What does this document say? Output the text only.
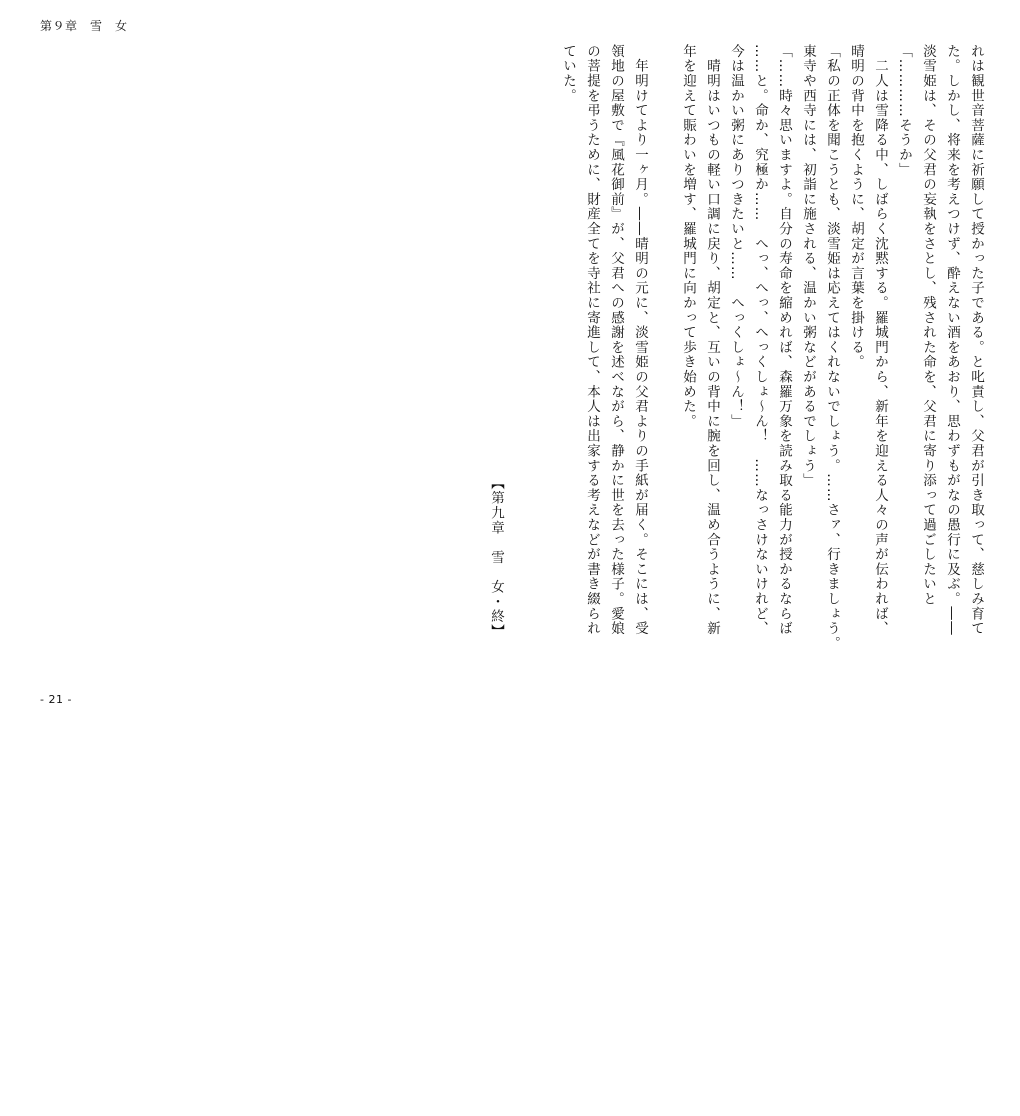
第９章　雪　女
れは観世音菩薩に祈願して授かった子である。と叱責し、父君が引き取って、慈しみ育て
た。しかし、将来を考えつけず、酔えない酒をあおり、思わずもがなの愚行に及ぶ。――
淡雪姫は、その父君の妄執をさとし、残された命を、父君に寄り添って過ごしたいと
「…………そうか」
　二人は雪降る中、しばらく沈黙する。羅城門から、新年を迎える人々の声が伝われば、
晴明の背中を抱くように、胡定が言葉を掛ける。
「私の正体を聞こうとも、淡雪姫は応えてはくれないでしょう。……さァ、行きましょう。
東寺や西寺には、初詣に施される、温かい粥などがあるでしょう」
「……時々思いますよ。自分の寿命を縮めれば、森羅万象を読み取る能力が授かるならば
……と。命か、究極か……　へっ、へっ、へっくしょ～ん！　……なっさけないけれど、
今は温かい粥にありつきたいと……　へっくしょ～ん！」
　晴明はいつもの軽い口調に戻り、胡定と、互いの背中に腕を回し、温め合うように、新
年を迎えて賑わいを増す、羅城門に向かって歩き始めた。
　年明けてより一ヶ月。――晴明の元に、淡雪姫の父君よりの手紙が届く。そこには、受
領地の屋敷で『風花御前』が、父君への感謝を述べながら、静かに世を去った様子。愛娘
の菩提を弔うために、財産全てを寺社に寄進して、本人は出家する考えなどが書き綴られ
ていた。
【第九章　雪　女・終】
- 21 -
